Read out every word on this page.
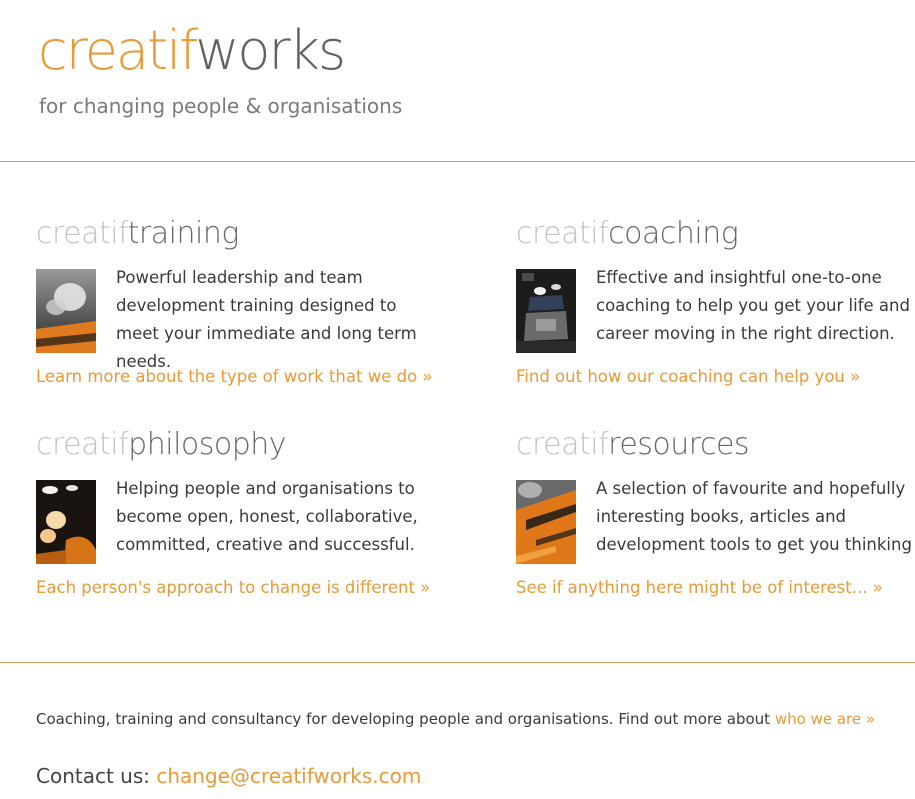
creatifworks
for changing people & organisations
creatiftraining
Powerful leadership and team development training designed to meet your immediate and long term needs.
Learn more about the type of work that we do »
creatifcoaching
Effective and insightful one-to-one coaching to help you get your life and career moving in the right direction.
Find out how our coaching can help you »
creatifphilosophy
Helping people and organisations to become open, honest, collaborative, committed, creative and successful.
Each person's approach to change is different »
creatifresources
A selection of favourite and hopefully interesting books, articles and development tools to get you thinking
See if anything here might be of interest... »
Coaching, training and consultancy for developing people and organisations. Find out more about who we are »
Contact us: change@creatifworks.com
